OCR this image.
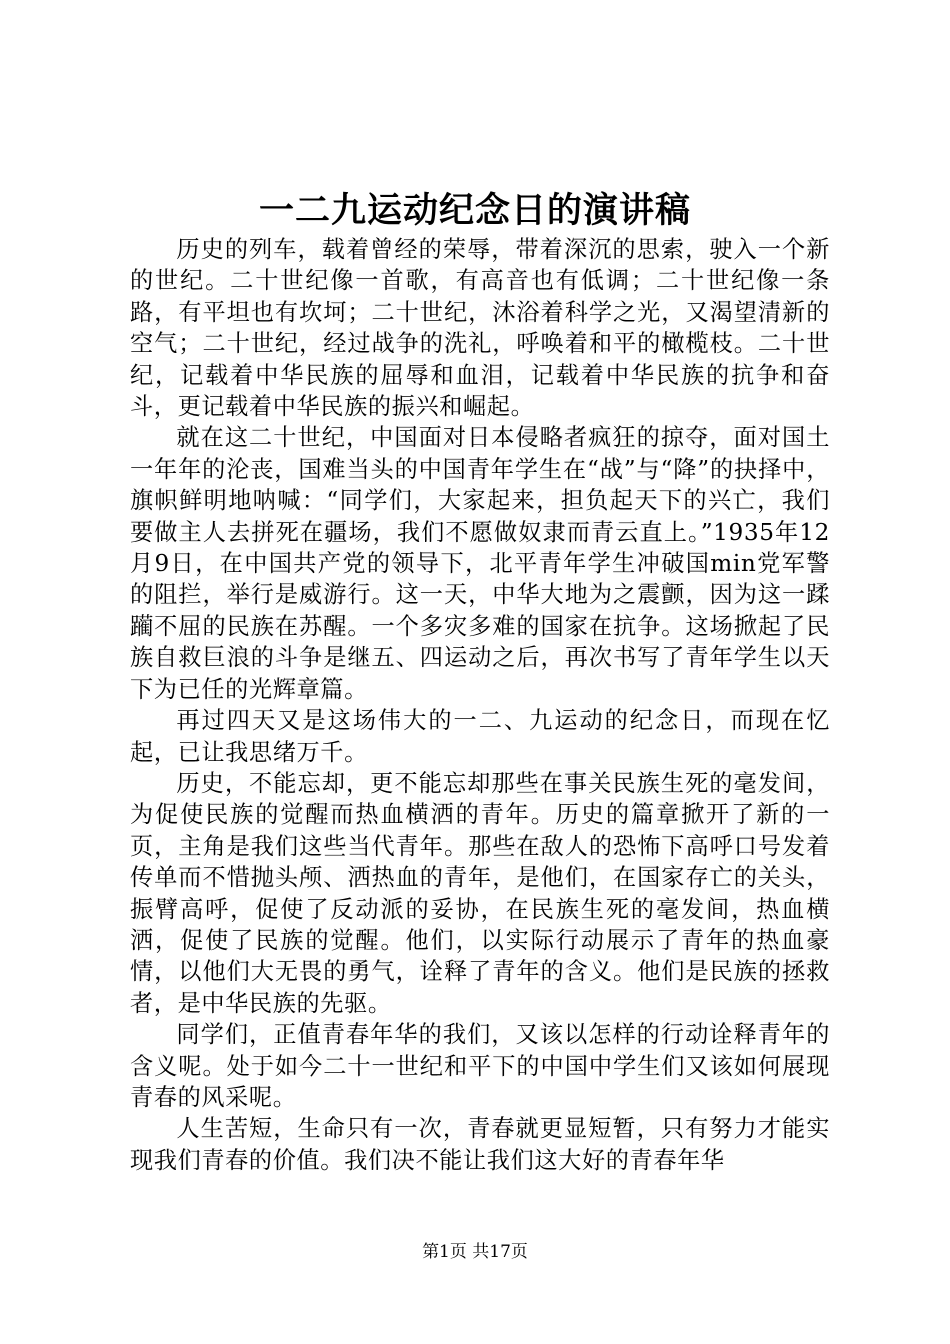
一二九运动纪念日的演讲稿

历史的列车，载着曾经的荣辱，带着深沉的思索，驶入一个新的世纪。二十世纪像一首歌，有高音也有低调；二十世纪像一条路，有平坦也有坎坷；二十世纪，沐浴着科学之光，又渴望清新的空气；二十世纪，经过战争的洗礼，呼唤着和平的橄榄枝。二十世纪，记载着中华民族的屈辱和血泪，记载着中华民族的抗争和奋斗，更记载着中华民族的振兴和崛起。

就在这二十世纪，中国面对日本侵略者疯狂的掠夺，面对国土一年年的沦丧，国难当头的中国青年学生在“战”与“降”的抉择中，旗帜鲜明地呐喊：“同学们，大家起来，担负起天下的兴亡，我们要做主人去拼死在疆场，我们不愿做奴隶而青云直上。”1935年12月9日，在中国共产党的领导下，北平青年学生冲破国min党军警的阻拦，举行是威游行。这一天，中华大地为之震颤，因为这一蹂躏不屈的民族在苏醒。一个多灾多难的国家在抗争。这场掀起了民族自救巨浪的斗争是继五、四运动之后，再次书写了青年学生以天下为已任的光辉章篇。

再过四天又是这场伟大的一二、九运动的纪念日，而现在忆起，已让我思绪万千。

历史，不能忘却，更不能忘却那些在事关民族生死的毫发间，为促使民族的觉醒而热血横洒的青年。历史的篇章掀开了新的一页，主角是我们这些当代青年。那些在敌人的恐怖下高呼口号发着传单而不惜抛头颅、洒热血的青年，是他们，在国家存亡的关头，振臂高呼，促使了反动派的妥协，在民族生死的毫发间，热血横洒，促使了民族的觉醒。他们，以实际行动展示了青年的热血豪情，以他们大无畏的勇气，诠释了青年的含义。他们是民族的拯救者，是中华民族的先驱。

同学们，正值青春年华的我们，又该以怎样的行动诠释青年的含义呢。处于如今二十一世纪和平下的中国中学生们又该如何展现青春的风采呢。

人生苦短，生命只有一次，青春就更显短暂，只有努力才能实现我们青春的价值。我们决不能让我们这大好的青春年华

第1页 共17页
